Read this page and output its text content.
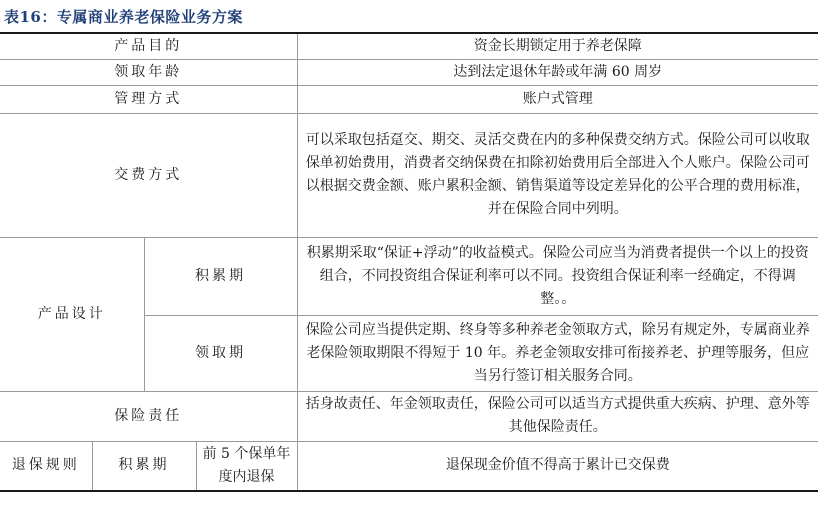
表16：专属商业养老保险业务方案
产品目的				资金长期锁定用于养老保障
领取年龄				达到法定退休年龄或年满 60 周岁
管理方式				账户式管理
交费方式				可以采取包括趸交、期交、灵活交费在内的多种保费交纳方式。保险公司可以收取保单初始费用，消费者交纳保费在扣除初始费用后全部进入个人账户。保险公司可以根据交费金额、账户累积金额、销售渠道等设定差异化的公平合理的费用标准，并在保险合同中列明。
产品设计		积累期		积累期采取“保证+浮动”的收益模式。保险公司应当为消费者提供一个以上的投资组合，不同投资组合保证利率可以不同。投资组合保证利率一经确定，不得调整。。
		领取期		保险公司应当提供定期、终身等多种养老金领取方式，除另有规定外，专属商业养老保险领取期限不得短于 10 年。养老金领取安排可衔接养老、护理等服务，但应当另行签订相关服务合同。
保险责任				括身故责任、年金领取责任，保险公司可以适当方式提供重大疾病、护理、意外等其他保险责任。
退保规则	积累期		前 5 个保单年度内退保	退保现金价值不得高于累计已交保费
